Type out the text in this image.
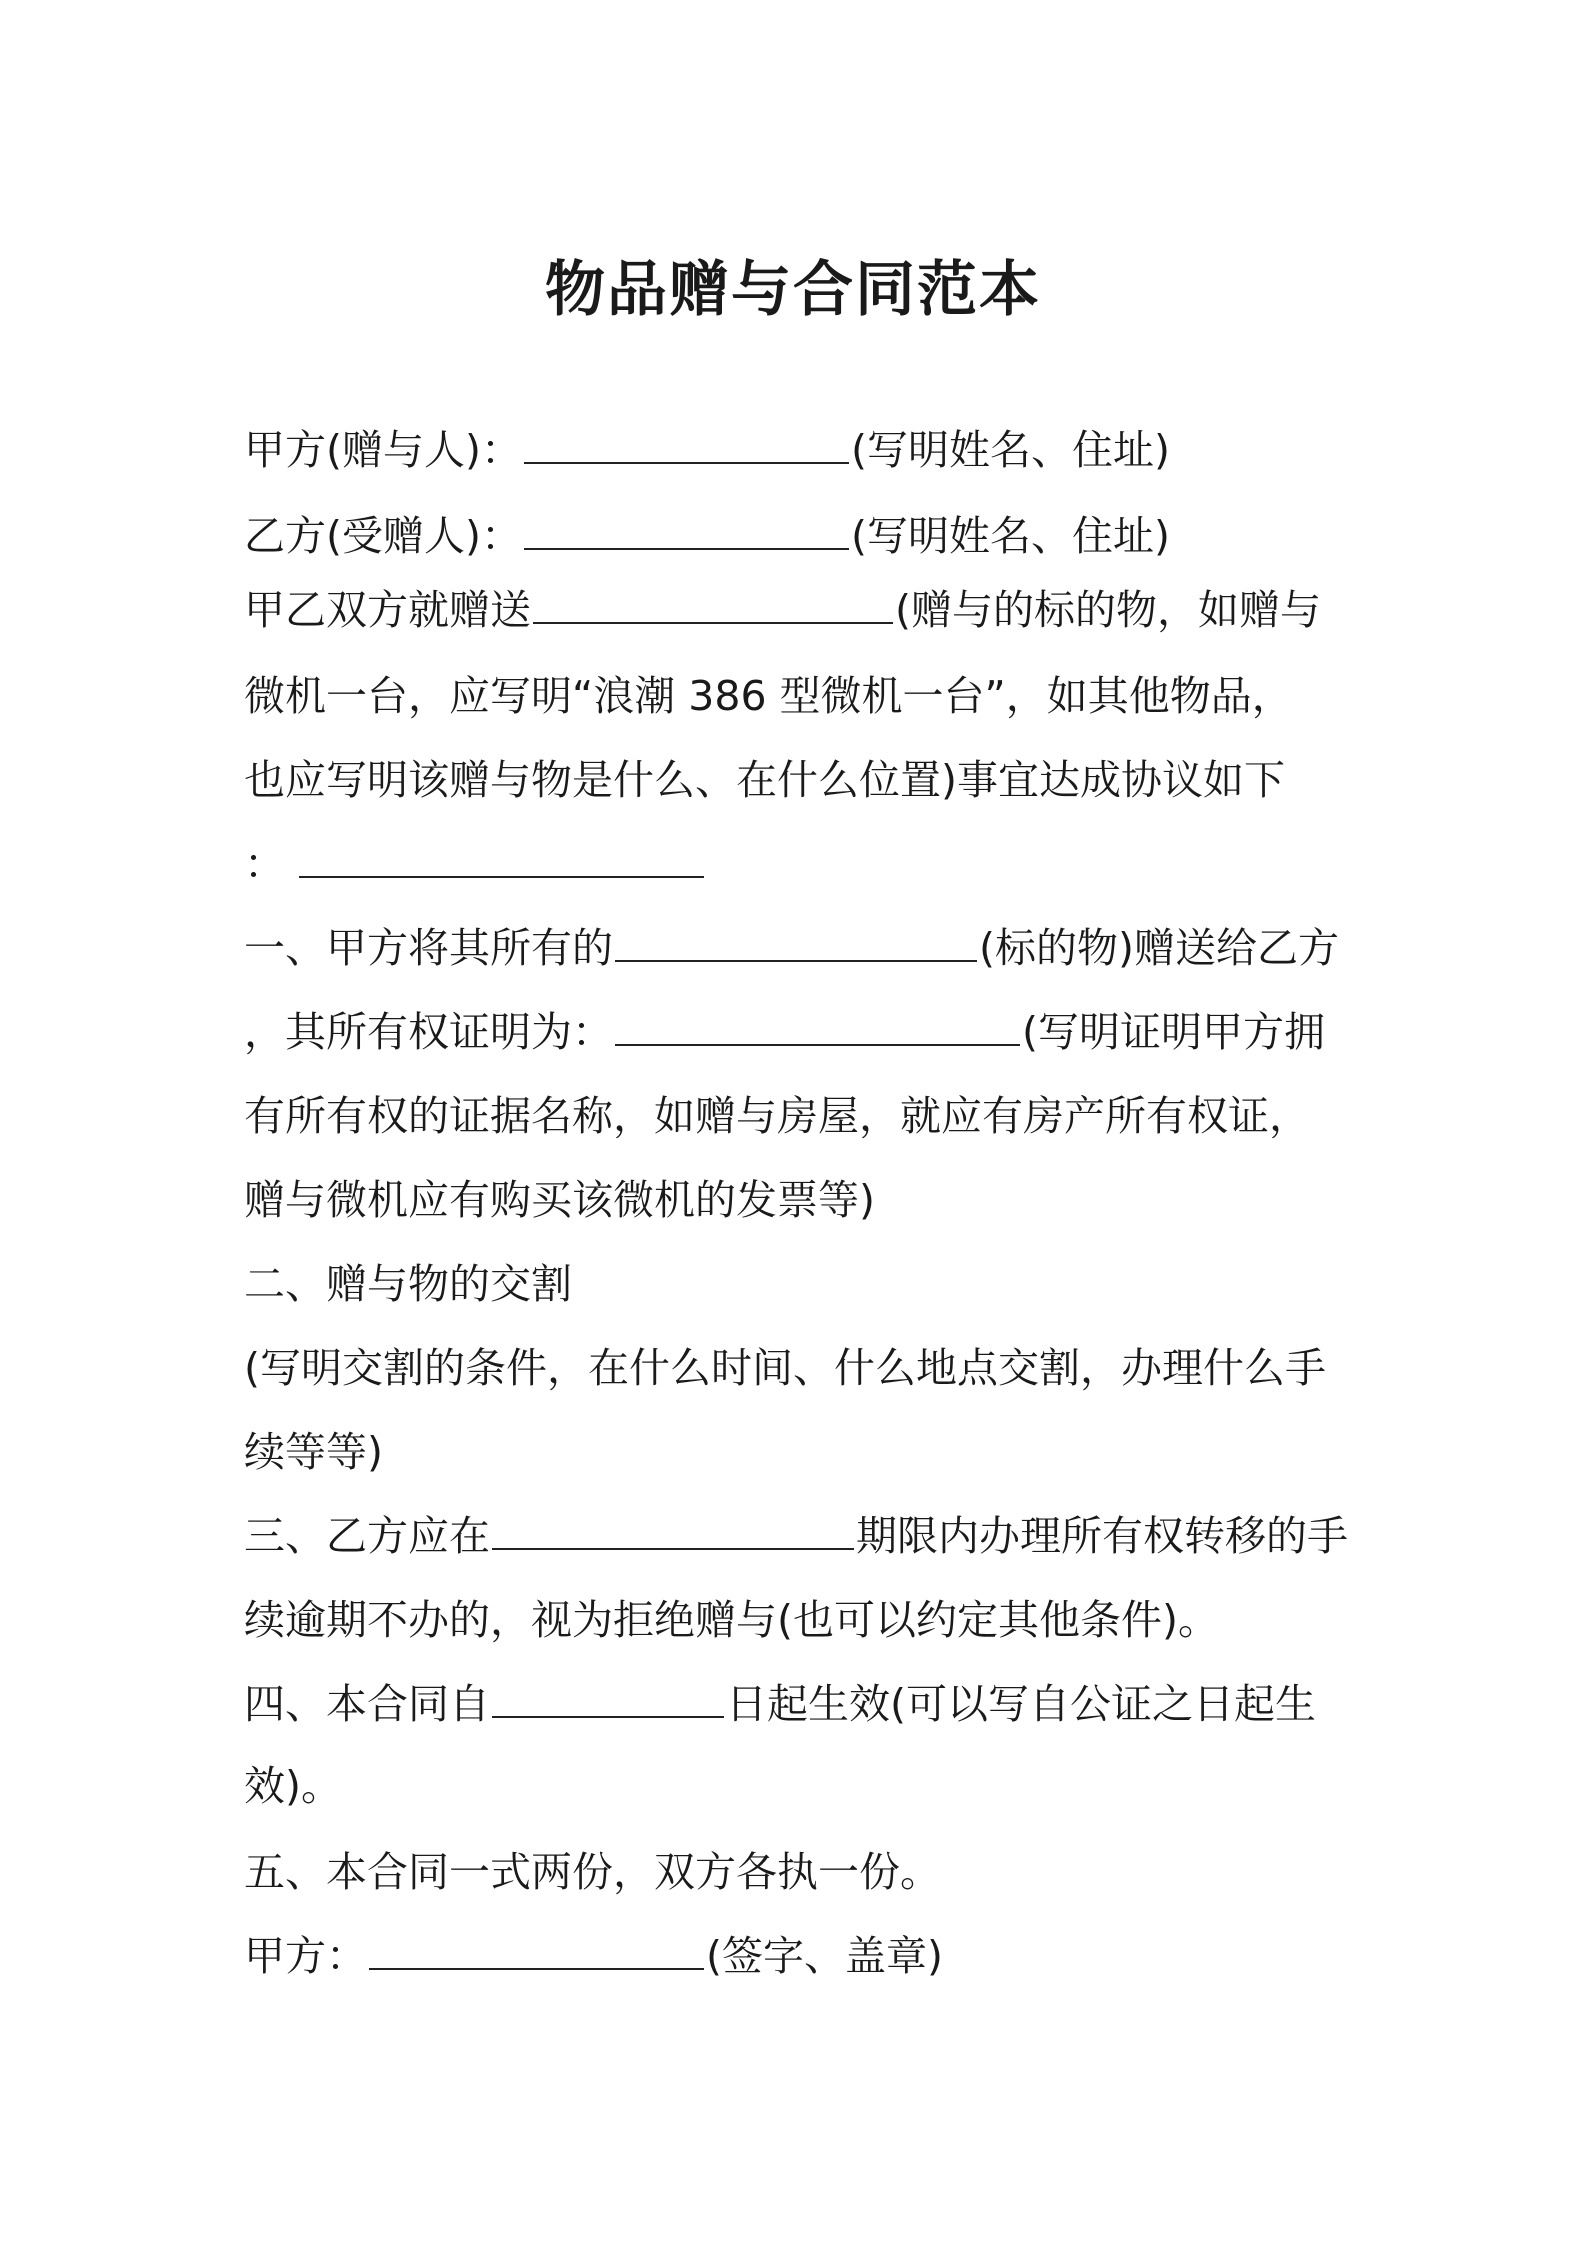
物品赠与合同范本
甲方(赠与人)：	(写明姓名、住址)
乙方(受赠人)：	(写明姓名、住址)
甲乙双方就赠送	(赠与的标的物，如赠与
微机一台，应写明“浪潮 386 型微机一台”，如其他物品，
也应写明该赠与物是什么、在什么位置)事宜达成协议如下
：
一、甲方将其所有的	(标的物)赠送给乙方
，其所有权证明为：	(写明证明甲方拥
有所有权的证据名称，如赠与房屋，就应有房产所有权证，
赠与微机应有购买该微机的发票等)
二、赠与物的交割
(写明交割的条件，在什么时间、什么地点交割，办理什么手
续等等)
三、乙方应在	期限内办理所有权转移的手
续逾期不办的，视为拒绝赠与(也可以约定其他条件)。
四、本合同自	日起生效(可以写自公证之日起生
效)。
五、本合同一式两份，双方各执一份。
甲方：	(签字、盖章)
